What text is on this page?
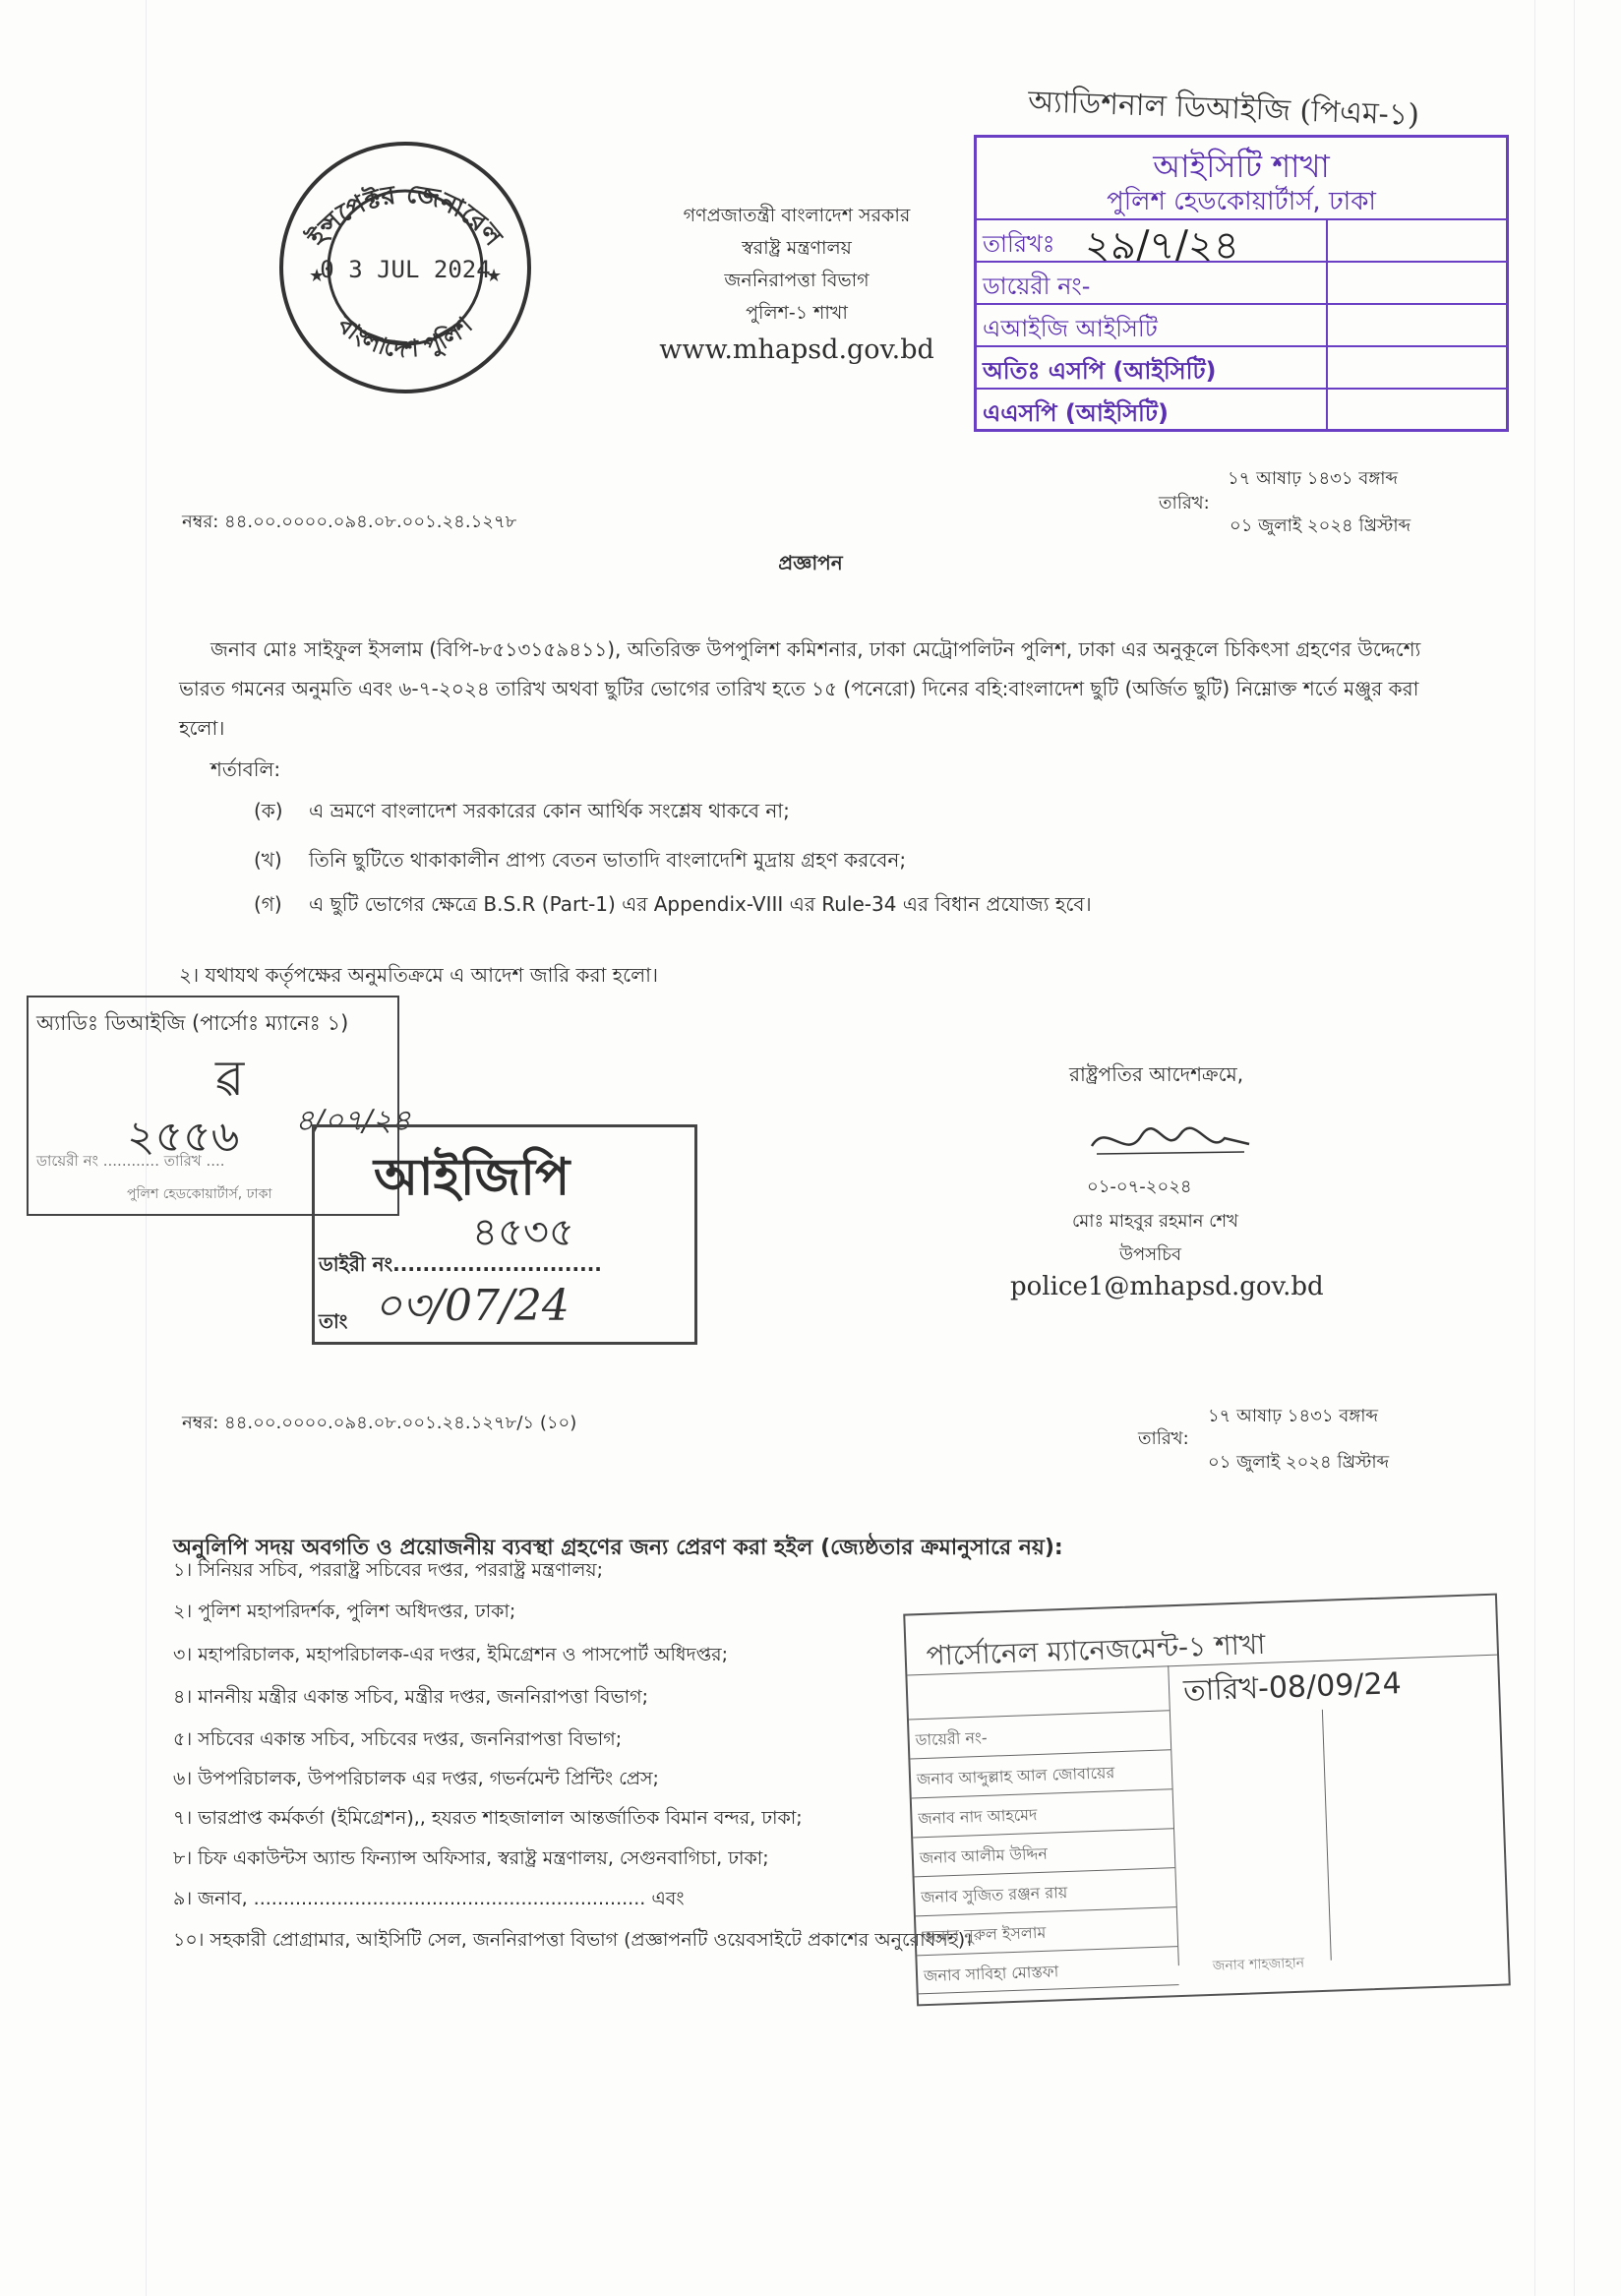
অ্যাডিশনাল ডিআইজি (পিএম-১)
ইন্সপেক্টর জেনারেল
বাংলাদেশ পুলিশ
0 3 JUL 2024
★	★
গণপ্রজাতন্ত্রী বাংলাদেশ সরকার
স্বরাষ্ট্র মন্ত্রণালয়
জননিরাপত্তা বিভাগ
পুলিশ-১ শাখা
www.mhapsd.gov.bd
আইসিটি শাখা
পুলিশ হেডকোয়ার্টার্স, ঢাকা
তারিখঃ ২৯/৭/২৪
ডায়েরী নং-
এআইজি আইসিটি
অতিঃ এসপি (আইসিটি)
এএসপি (আইসিটি)
১৭ আষাঢ় ১৪৩১ বঙ্গাব্দ
তারিখ:
০১ জুলাই ২০২৪ খ্রিস্টাব্দ
নম্বর: ৪৪.০০.০০০০.০৯৪.০৮.০০১.২৪.১২৭৮
প্রজ্ঞাপন
জনাব মোঃ সাইফুল ইসলাম (বিপি-৮৫১৩১৫৯৪১১), অতিরিক্ত উপপুলিশ কমিশনার, ঢাকা মেট্রোপলিটন পুলিশ, ঢাকা এর অনুকূলে চিকিৎসা গ্রহণের উদ্দেশ্যে ভারত গমনের অনুমতি এবং ৬-৭-২০২৪ তারিখ অথবা ছুটির ভোগের তারিখ হতে ১৫ (পনেরো) দিনের বহি:বাংলাদেশ ছুটি (অর্জিত ছুটি) নিম্নোক্ত শর্তে মঞ্জুর করা হলো।
শর্তাবলি:
(ক) এ ভ্রমণে বাংলাদেশ সরকারের কোন আর্থিক সংশ্লেষ থাকবে না;
(খ) তিনি ছুটিতে থাকাকালীন প্রাপ্য বেতন ভাতাদি বাংলাদেশি মুদ্রায় গ্রহণ করবেন;
(গ) এ ছুটি ভোগের ক্ষেত্রে B.S.R (Part-1) এর Appendix-VIII এর Rule-34 এর বিধান প্রযোজ্য হবে।
২। যথাযথ কর্তৃপক্ষের অনুমতিক্রমে এ আদেশ জারি করা হলো।
অ্যাডিঃ ডিআইজি (পার্সোঃ ম্যানেঃ ১)
ৱ
২৫৫৬
ডায়েরী নং ............ তারিখ ....
পুলিশ হেডকোয়ার্টার্স, ঢাকা
৪/০৭/২৪
আইজিপি
৪৫৩৫
ডাইরী নং............................
তাং ০৩/07/24
রাষ্ট্রপতির আদেশক্রমে,
০১-০৭-২০২৪
মোঃ মাহবুর রহমান শেখ
উপসচিব
police1@mhapsd.gov.bd
নম্বর: ৪৪.০০.০০০০.০৯৪.০৮.০০১.২৪.১২৭৮/১ (১০)	১৭ আষাঢ় ১৪৩১ বঙ্গাব্দ
তারিখ:
০১ জুলাই ২০২৪ খ্রিস্টাব্দ
অনুলিপি সদয় অবগতি ও প্রয়োজনীয় ব্যবস্থা গ্রহণের জন্য প্রেরণ করা হইল (জ্যেষ্ঠতার ক্রমানুসারে নয়):
১। সিনিয়র সচিব, পররাষ্ট্র সচিবের দপ্তর, পররাষ্ট্র মন্ত্রণালয়;
২। পুলিশ মহাপরিদর্শক, পুলিশ অধিদপ্তর, ঢাকা;
৩। মহাপরিচালক, মহাপরিচালক-এর দপ্তর, ইমিগ্রেশন ও পাসপোর্ট অধিদপ্তর;
৪। মাননীয় মন্ত্রীর একান্ত সচিব, মন্ত্রীর দপ্তর, জননিরাপত্তা বিভাগ;
৫। সচিবের একান্ত সচিব, সচিবের দপ্তর, জননিরাপত্তা বিভাগ;
৬। উপপরিচালক, উপপরিচালক এর দপ্তর, গভর্নমেন্ট প্রিন্টিং প্রেস;
৭। ভারপ্রাপ্ত কর্মকর্তা (ইমিগ্রেশন),, হযরত শাহজালাল আন্তর্জাতিক বিমান বন্দর, ঢাকা;
৮। চিফ একাউন্টস অ্যান্ড ফিন্যান্স অফিসার, স্বরাষ্ট্র মন্ত্রণালয়, সেগুনবাগিচা, ঢাকা;
৯। জনাব, .................................................................. এবং
১০। সহকারী প্রোগ্রামার, আইসিটি সেল, জননিরাপত্তা বিভাগ (প্রজ্ঞাপনটি ওয়েবসাইটে প্রকাশের অনুরোধসহ)।
পার্সোনেল ম্যানেজমেন্ট-১ শাখা
তারিখ-08/09/24
ডায়েরী নং-
জনাব আব্দুল্লাহ আল জোবায়ের
জনাব নাদ আহমেদ
জনাব আলীম উদ্দিন
জনাব সুজিত রঞ্জন রায়
জনাব নুরুল ইসলাম
জনাব সাবিহা মোস্তফা	জনাব শাহজাহান
